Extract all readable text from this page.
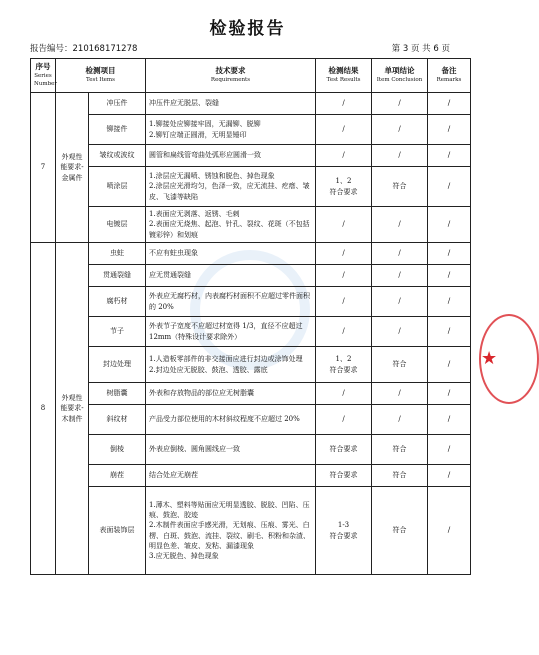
检验报告
报告编号：210168171278	第 3 页 共 6 页
序号
Series Number	检测项目
Test Items		技术要求
Requirements	检测结果
Test Results	单项结论
Item Conclusion	备注
Remarks

7	外观性能要求-金属件	冲压件	冲压件应无脱层、裂缝	/	/	/
		铆接件	1.铆接处应铆接牢固，无漏铆、脱铆
2.铆钉应端正圆滑，无明显锤印	/	/	/
		皱纹或波纹	圆管和扁线管弯曲处弧形应圆滑一致	/	/	/
		喷涂层	1.涂层应无漏喷、锈蚀和脱色、掉色现象
2.涂层应光滑均匀，色泽一致，应无流挂、疙瘩、皱皮、飞漆等缺陷	1、2
符合要求	符合	/
		电镀层	1.表面应无剥落、返锈、毛刺
2.表面应无烧焦、起泡、针孔、裂纹、花斑（不包括镀彩锌）和划痕	/	/	/
8	外观性能要求-木制件	虫蛀	不应有蛀虫现象	/	/	/
		贯通裂缝	应无贯通裂缝	/	/	/
		腐朽材	外表应无腐朽材，内表腐朽材面积不应超过零件面积的 20%	/	/	/
		节子	外表节子宽度不应超过材宽得 1/3，直径不应超过 12mm（特殊设计要求除外）	/	/	/
		封边处理	1.人造板零部件的非交接面应进行封边或涂饰处理
2.封边处应无脱胶、鼓泡、透胶、露底	1、2
符合要求	符合	/
		树脂囊	外表和存放物品的部位应无树脂囊	/	/	/
		斜纹材	产品受力部位使用的木材斜纹程度不应超过 20%	/	/	/
		倒棱	外表应倒棱、圆角圆线应一致	符合要求	符合	/
		崩茬	结合处应无崩茬	符合要求	符合	/
		表面装饰层	1.薄木、塑料等贴面应无明显透胶、脱胶、凹陷、压痕、鼓泡、胶迹
2.木制件表面应手感光滑，无划痕、压痕、雾光、白楞、白斑、鼓泡、流挂、裂纹、刷毛、积粉和杂渣、明显色差、皱皮、发粘、漏漆现象
3.应无脱色、掉色现象	1-3
符合要求	符合	/
★
